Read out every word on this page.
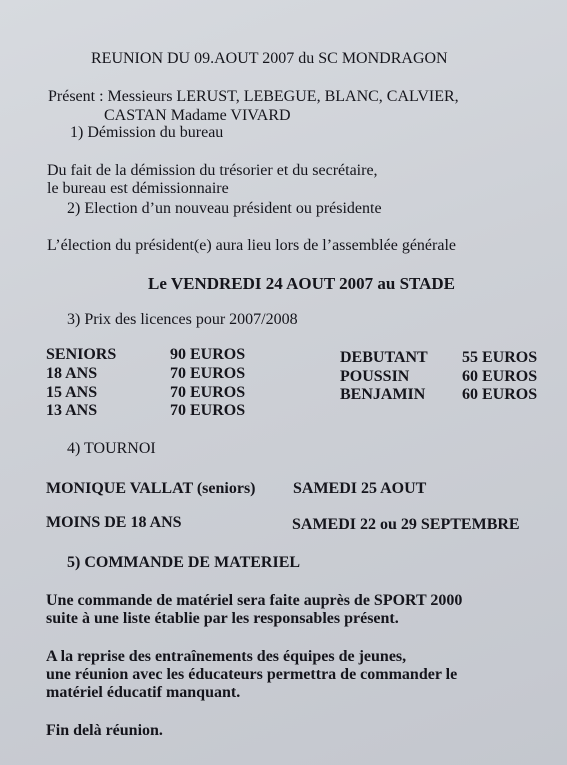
REUNION DU 09.AOUT 2007 du SC MONDRAGON
Présent : Messieurs LERUST, LEBEGUE, BLANC, CALVIER,
CASTAN Madame VIVARD
1) Démission du bureau
Du fait de la démission du trésorier et du secrétaire,
le bureau est démissionnaire
2) Election d’un nouveau président ou présidente
L’élection du président(e) aura lieu lors de l’assemblée générale
Le VENDREDI 24 AOUT 2007 au STADE
3) Prix des licences pour 2007/2008
SENIORS	90 EUROS
18 ANS	70 EUROS
15 ANS	70 EUROS
13 ANS	70 EUROS
DEBUTANT 55 EUROS
POUSSIN	60 EUROS
BENJAMIN 60 EUROS
4) TOURNOI
MONIQUE VALLAT (seniors) SAMEDI 25 AOUT
MOINS DE 18 ANS	SAMEDI 22 ou 29 SEPTEMBRE
5) COMMANDE DE MATERIEL
Une commande de matériel sera faite auprès de SPORT 2000
suite à une liste établie par les responsables présent.
A la reprise des entraînements des équipes de jeunes,
une réunion avec les éducateurs permettra de commander le
matériel éducatif manquant.
Fin delà réunion.
